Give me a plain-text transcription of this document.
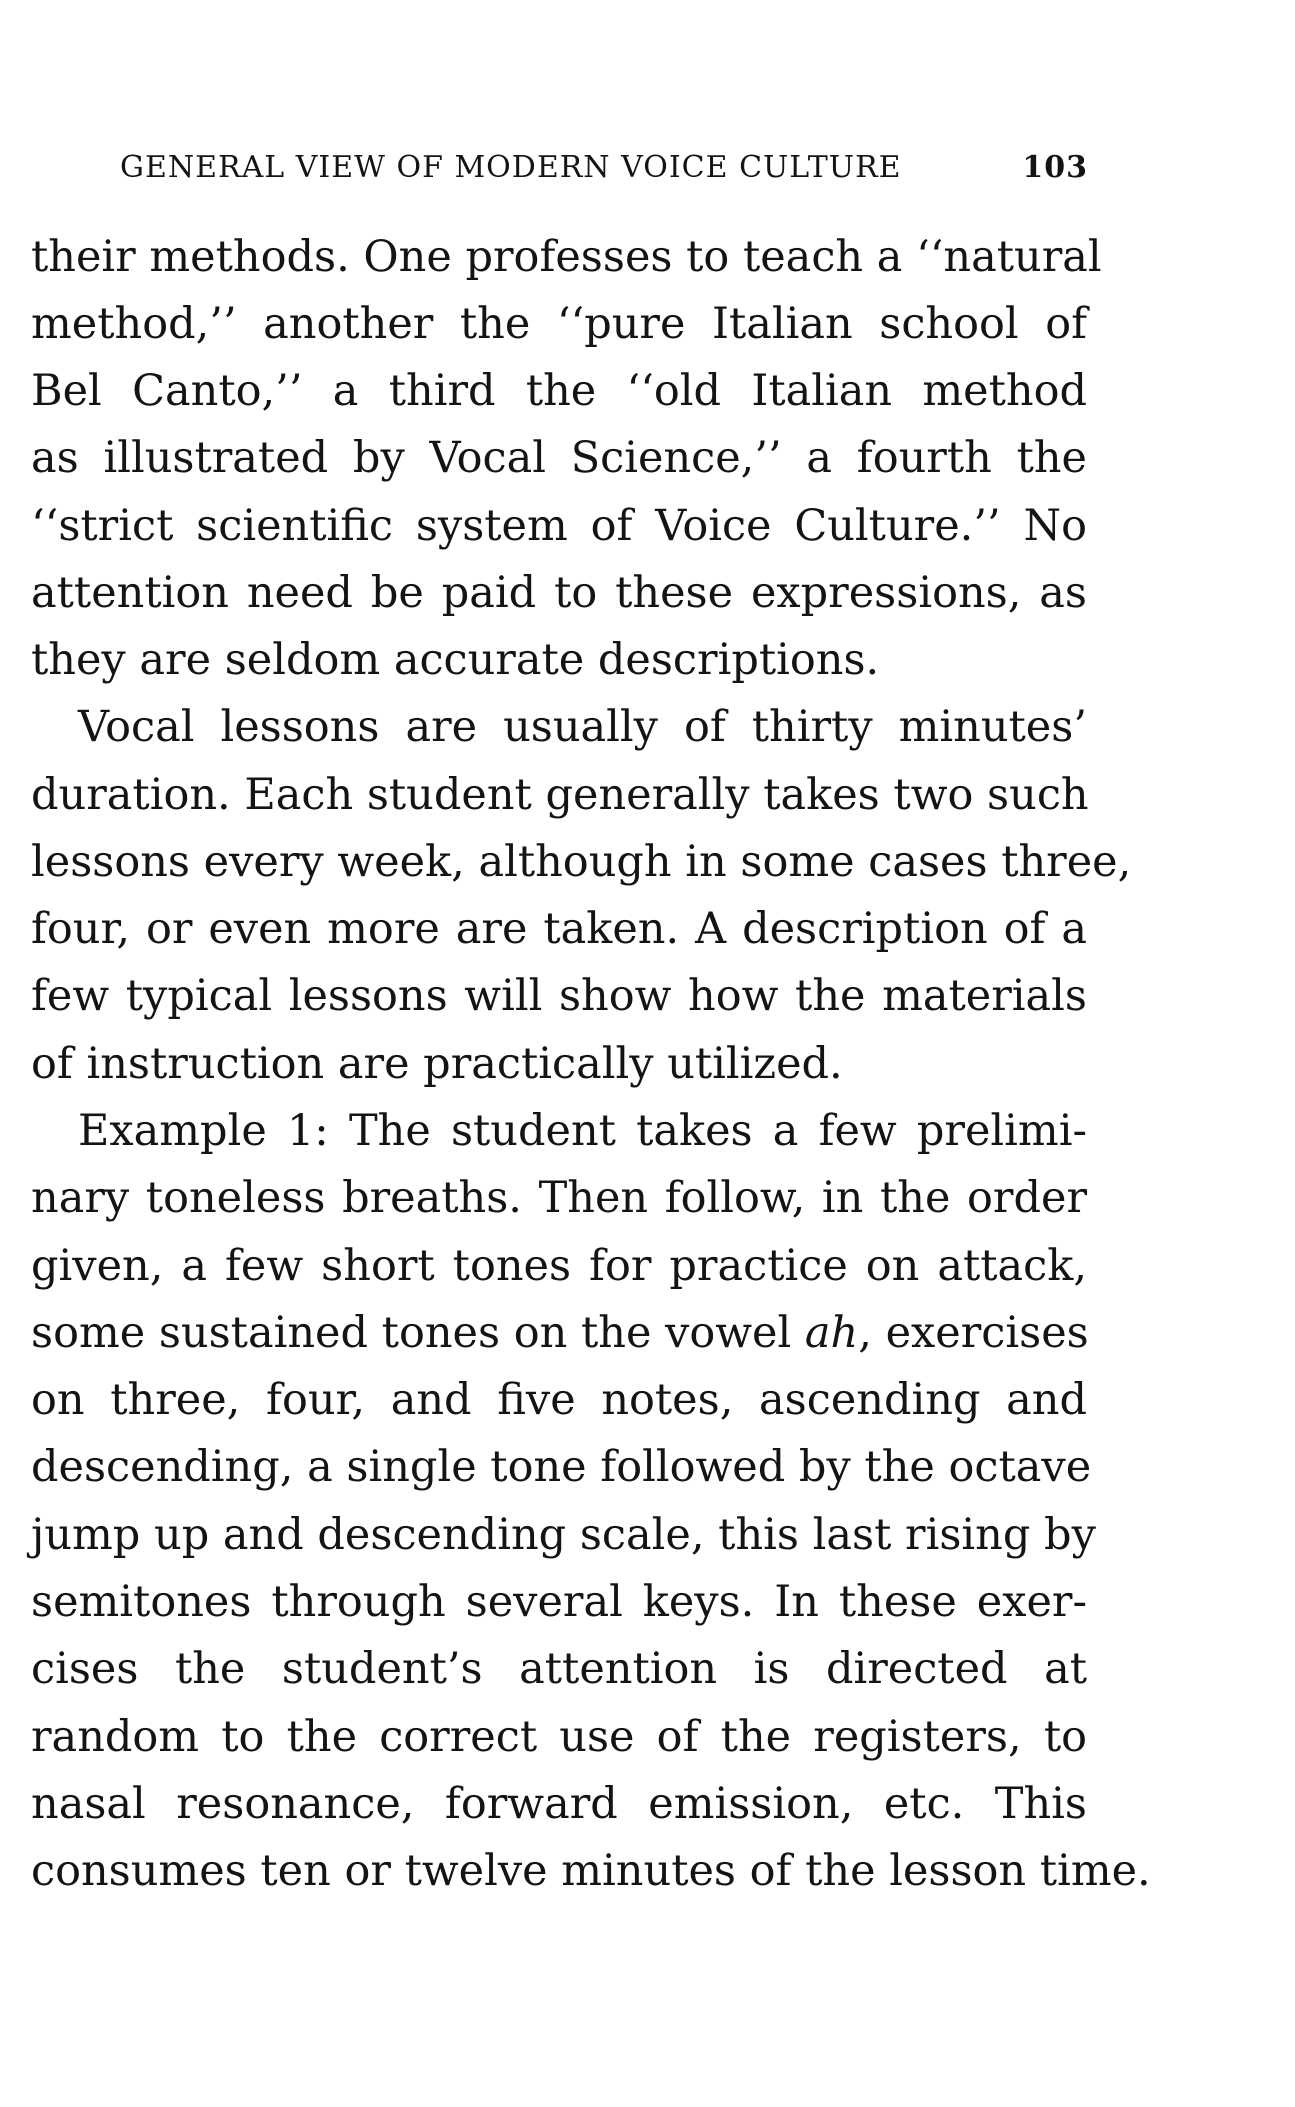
GENERAL VIEW OF MODERN VOICE CULTURE	103
their methods. One professes to teach a ‘‘natural
method,’’ another the ‘‘pure Italian school of
Bel Canto,’’ a third the ‘‘old Italian method
as illustrated by Vocal Science,’’ a fourth the
‘‘strict scientific system of Voice Culture.’’ No
attention need be paid to these expressions, as
they are seldom accurate descriptions.
Vocal lessons are usually of thirty minutes’
duration. Each student generally takes two such
lessons every week, although in some cases three,
four, or even more are taken. A description of a
few typical lessons will show how the materials
of instruction are practically utilized.
Example 1: The student takes a few prelimi-
nary toneless breaths. Then follow, in the order
given, a few short tones for practice on attack,
some sustained tones on the vowel ah, exercises
on three, four, and five notes, ascending and
descending, a single tone followed by the octave
jump up and descending scale, this last rising by
semitones through several keys. In these exer-
cises the student’s attention is directed at
random to the correct use of the registers, to
nasal resonance, forward emission, etc. This
consumes ten or twelve minutes of the lesson time.
